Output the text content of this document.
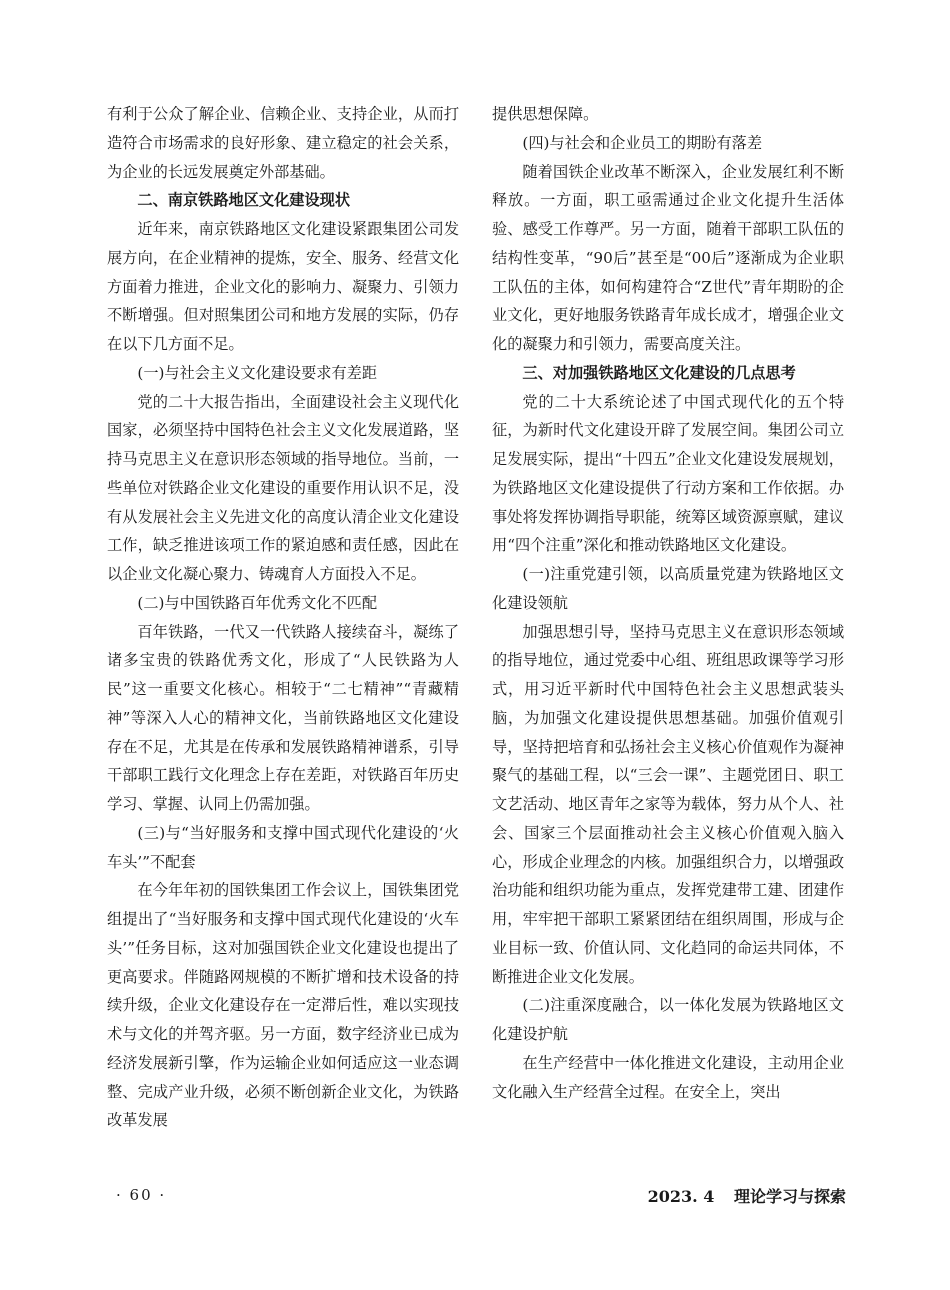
有利于公众了解企业、信赖企业、支持企业，从而打造符合市场需求的良好形象、建立稳定的社会关系，为企业的长远发展奠定外部基础。

二、南京铁路地区文化建设现状

近年来，南京铁路地区文化建设紧跟集团公司发展方向，在企业精神的提炼，安全、服务、经营文化方面着力推进，企业文化的影响力、凝聚力、引领力不断增强。但对照集团公司和地方发展的实际，仍存在以下几方面不足。

(一)与社会主义文化建设要求有差距

党的二十大报告指出，全面建设社会主义现代化国家，必须坚持中国特色社会主义文化发展道路，坚持马克思主义在意识形态领域的指导地位。当前，一些单位对铁路企业文化建设的重要作用认识不足，没有从发展社会主义先进文化的高度认清企业文化建设工作，缺乏推进该项工作的紧迫感和责任感，因此在以企业文化凝心聚力、铸魂育人方面投入不足。

(二)与中国铁路百年优秀文化不匹配

百年铁路，一代又一代铁路人接续奋斗，凝练了诸多宝贵的铁路优秀文化，形成了“人民铁路为人民”这一重要文化核心。相较于“二七精神”“青藏精神”等深入人心的精神文化，当前铁路地区文化建设存在不足，尤其是在传承和发展铁路精神谱系，引导干部职工践行文化理念上存在差距，对铁路百年历史学习、掌握、认同上仍需加强。

(三)与“当好服务和支撑中国式现代化建设的‘火车头’”不配套

在今年年初的国铁集团工作会议上，国铁集团党组提出了“当好服务和支撑中国式现代化建设的‘火车头’”任务目标，这对加强国铁企业文化建设也提出了更高要求。伴随路网规模的不断扩增和技术设备的持续升级，企业文化建设存在一定滞后性，难以实现技术与文化的并驾齐驱。另一方面，数字经济业已成为经济发展新引擎，作为运输企业如何适应这一业态调整、完成产业升级，必须不断创新企业文化，为铁路改革发展

提供思想保障。

(四)与社会和企业员工的期盼有落差

随着国铁企业改革不断深入，企业发展红利不断释放。一方面，职工亟需通过企业文化提升生活体验、感受工作尊严。另一方面，随着干部职工队伍的结构性变革，“90后”甚至是“00后”逐渐成为企业职工队伍的主体，如何构建符合“Z世代”青年期盼的企业文化，更好地服务铁路青年成长成才，增强企业文化的凝聚力和引领力，需要高度关注。

三、对加强铁路地区文化建设的几点思考

党的二十大系统论述了中国式现代化的五个特征，为新时代文化建设开辟了发展空间。集团公司立足发展实际，提出“十四五”企业文化建设发展规划，为铁路地区文化建设提供了行动方案和工作依据。办事处将发挥协调指导职能，统筹区域资源禀赋，建议用“四个注重”深化和推动铁路地区文化建设。

(一)注重党建引领，以高质量党建为铁路地区文化建设领航

加强思想引导，坚持马克思主义在意识形态领域的指导地位，通过党委中心组、班组思政课等学习形式，用习近平新时代中国特色社会主义思想武装头脑，为加强文化建设提供思想基础。加强价值观引导，坚持把培育和弘扬社会主义核心价值观作为凝神聚气的基础工程，以“三会一课”、主题党团日、职工文艺活动、地区青年之家等为载体，努力从个人、社会、国家三个层面推动社会主义核心价值观入脑入心，形成企业理念的内核。加强组织合力，以增强政治功能和组织功能为重点，发挥党建带工建、团建作用，牢牢把干部职工紧紧团结在组织周围，形成与企业目标一致、价值认同、文化趋同的命运共同体，不断推进企业文化发展。

(二)注重深度融合，以一体化发展为铁路地区文化建设护航

在生产经营中一体化推进文化建设，主动用企业文化融入生产经营全过程。在安全上，突出

· 60 ·	2023. 4 理论学习与探索
